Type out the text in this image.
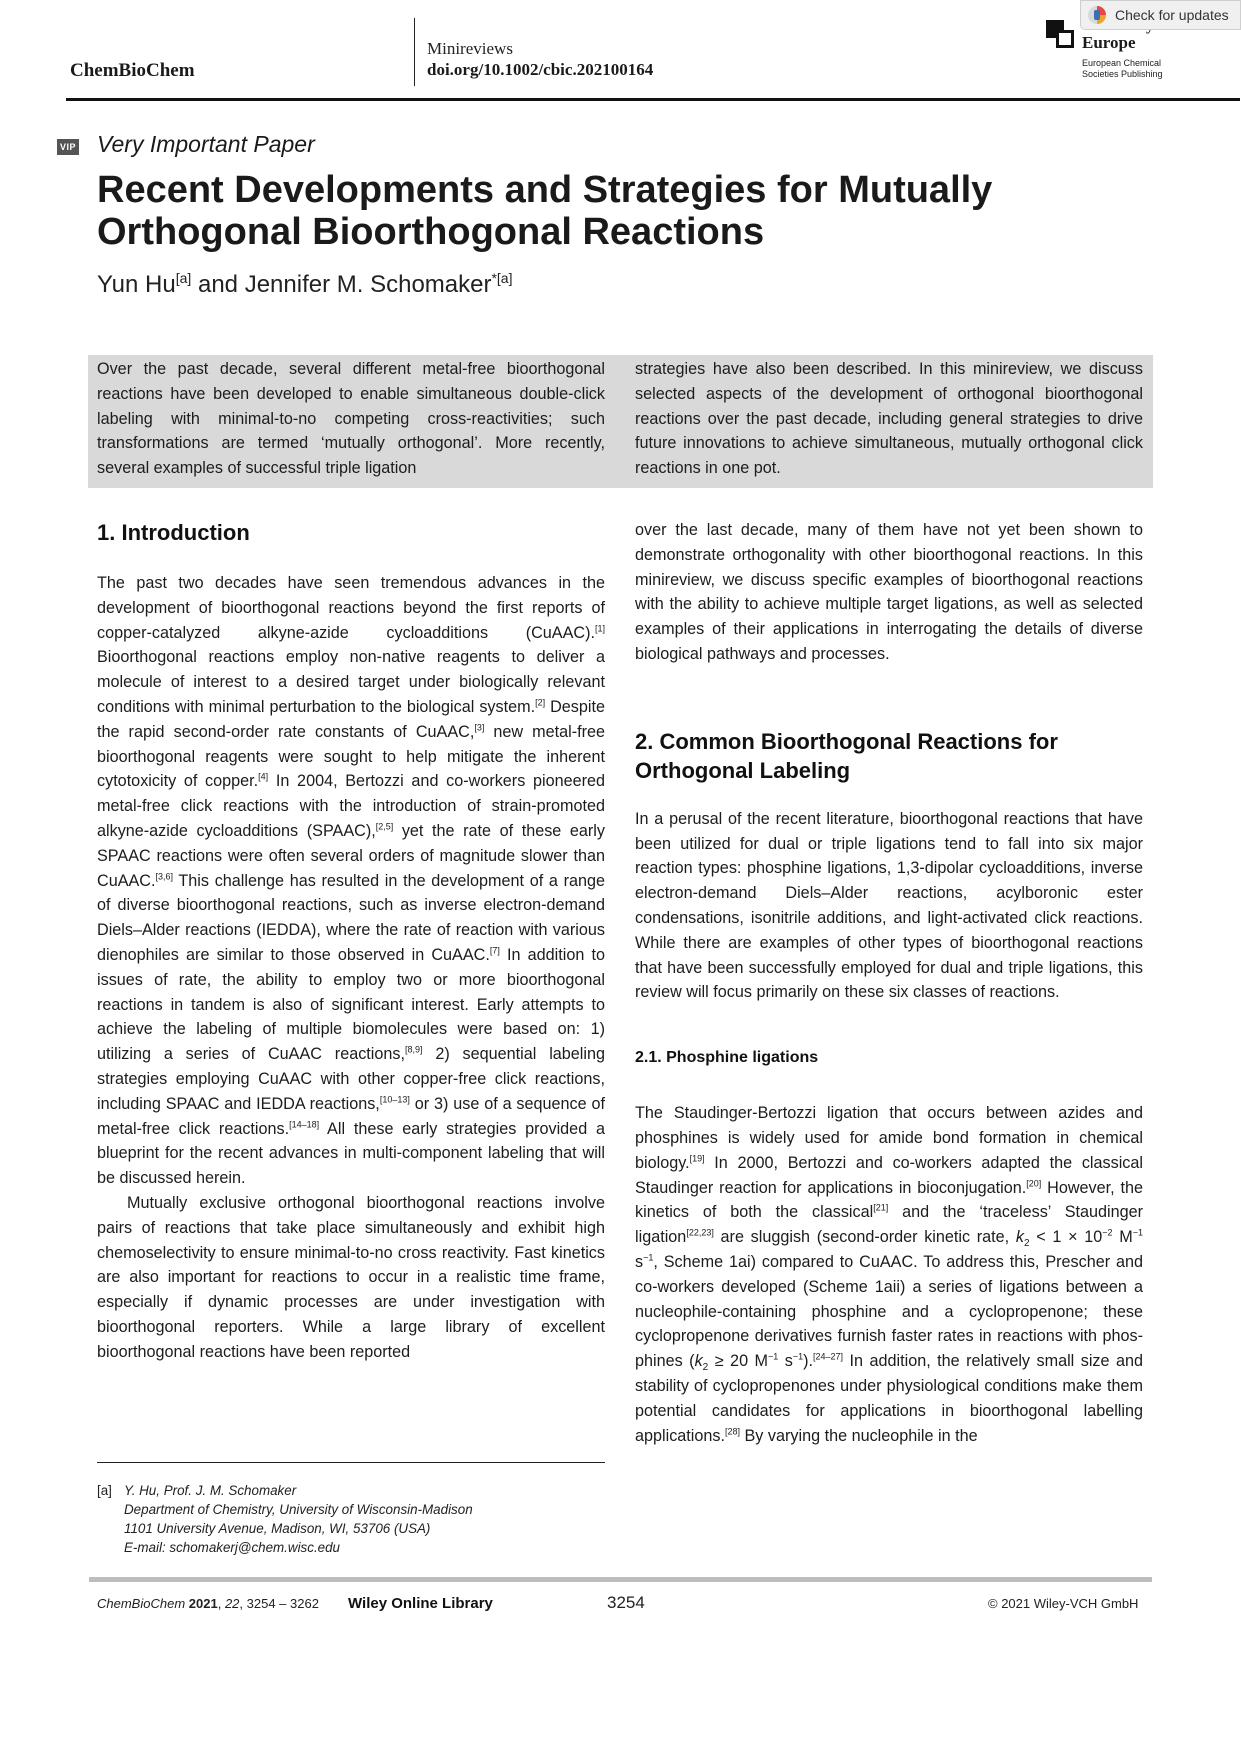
ChemBioChem
Minireviews
doi.org/10.1002/cbic.202100164
Europe
European Chemical
Societies Publishing
Check for updates
VIP Very Important Paper
Recent Developments and Strategies for Mutually Orthogonal Bioorthogonal Reactions
Yun Hu[a] and Jennifer M. Schomaker$^{*[a]}$
Over the past decade, several different metal-free bioorthogonal reactions have been developed to enable simultaneous double-click labeling with minimal-to-no competing cross-reactivities; such transformations are termed ‘mutually orthogonal’. More recently, several examples of successful triple ligation
strategies have also been described. In this minireview, we discuss selected aspects of the development of orthogonal bioorthogonal reactions over the past decade, including general strategies to drive future innovations to achieve simultaneous, mutually orthogonal click reactions in one pot.
1. Introduction

The past two decades have seen tremendous advances in the development of bioorthogonal reactions beyond the first reports of copper-catalyzed alkyne-azide cycloadditions (CuAAC).[1] Bioorthogonal reactions employ non-native reagents to deliver a molecule of interest to a desired target under biologically relevant conditions with minimal perturbation to the biological system.[2] Despite the rapid second-order rate constants of CuAAC,[3] new metal-free bioorthogonal reagents were sought to help mitigate the inherent cytotoxicity of copper.[4] In 2004, Bertozzi and co-workers pioneered metal-free click reactions with the introduction of strain-promoted alkyne-azide cycloadditions (SPAAC),[2,5] yet the rate of these early SPAAC reactions were often several orders of magnitude slower than CuAAC.[3,6] This challenge has resulted in the development of a range of diverse bioorthogonal reactions, such as inverse electron-demand Diels–Alder reactions (IEDDA), where the rate of reaction with various dienophiles are similar to those observed in CuAAC.[7] In addition to issues of rate, the ability to employ two or more bioorthogonal reactions in tandem is also of significant interest. Early attempts to achieve the labeling of multiple biomolecules were based on: 1) utilizing a series of CuAAC reactions,[8,9] 2) sequential labeling strategies employing CuAAC with other copper-free click reactions, including SPAAC and IEDDA reactions,[10–13] or 3) use of a sequence of metal-free click reactions.[14–18] All these early strategies provided a blueprint for the recent advances in multi-component labeling that will be discussed herein.

Mutually exclusive orthogonal bioorthogonal reactions involve pairs of reactions that take place simultaneously and exhibit high chemoselectivity to ensure minimal-to-no cross reactivity. Fast kinetics are also important for reactions to occur in a realistic time frame, especially if dynamic processes are under investigation with bioorthogonal reporters. While a large library of excellent bioorthogonal reactions have been reported

over the last decade, many of them have not yet been shown to demonstrate orthogonality with other bioorthogonal reactions. In this minireview, we discuss specific examples of bioorthogonal reactions with the ability to achieve multiple target ligations, as well as selected examples of their applications in interrogating the details of diverse biological pathways and processes.

2. Common Bioorthogonal Reactions for Orthogonal Labeling

In a perusal of the recent literature, bioorthogonal reactions that have been utilized for dual or triple ligations tend to fall into six major reaction types: phosphine ligations, 1,3-dipolar cycloadditions, inverse electron-demand Diels–Alder reactions, acylboronic ester condensations, isonitrile additions, and light-activated click reactions. While there are examples of other types of bioorthogonal reactions that have been successfully employed for dual and triple ligations, this review will focus primarily on these six classes of reactions.

2.1. Phosphine ligations

The Staudinger-Bertozzi ligation that occurs between azides and phosphines is widely used for amide bond formation in chemical biology.[19] In 2000, Bertozzi and co-workers adapted the classical Staudinger reaction for applications in bioconjugation.[20] However, the kinetics of both the classical[21] and the ‘traceless’ Staudinger ligation[22,23] are sluggish (second-order kinetic rate, $k_2 < 1 \times 10^{-2}$ $M^{-1}$ $s^{-1}$, Scheme 1ai) compared to CuAAC. To address this, Prescher and co-workers developed (Scheme 1aii) a series of ligations between a nucleophile-containing phosphine and a cyclopropenone; these cyclopropenone derivatives furnish faster rates in reactions with phosphines ($k_2 \ge 20$ $M^{-1}$ $s^{-1}).[24-27]$ In addition, the relatively small size and stability of cyclopropenones under physiological conditions make them potential candidates for applications in bioorthogonal labelling applications.[28] By varying the nucleophile in the

[a] Y. Hu, Prof. J. M. Schomaker
Department of Chemistry, University of Wisconsin-Madison
1101 University Avenue, Madison, WI, 53706 (USA)
E-mail: schomakerj@chem.wisc.edu
ChemBioChem 2021, 22, 3254 – 3262 Wiley Online Library	3254	© 2021 Wiley-VCH GmbH
